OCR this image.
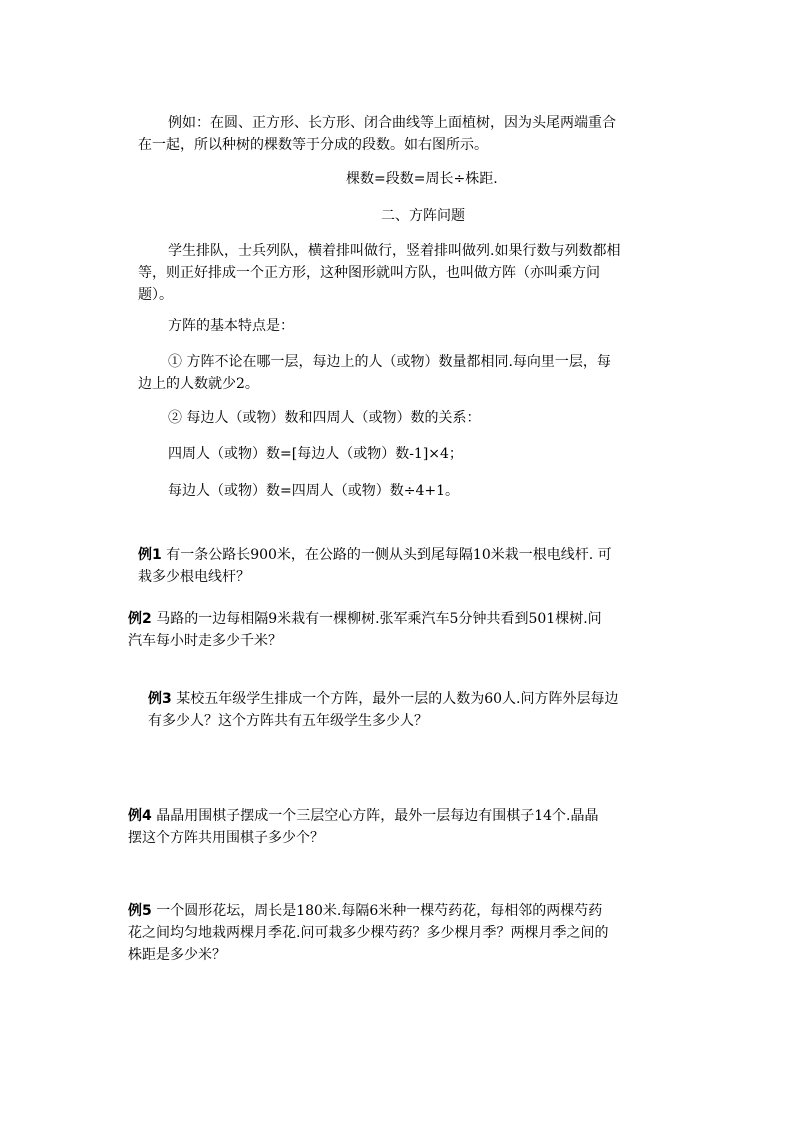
例如：在圆、正方形、长方形、闭合曲线等上面植树，因为头尾两端重合
在一起，所以种树的棵数等于分成的段数。如右图所示。
棵数=段数=周长÷株距.
二、方阵问题
学生排队，士兵列队，横着排叫做行，竖着排叫做列.如果行数与列数都相
等，则正好排成一个正方形，这种图形就叫方队，也叫做方阵（亦叫乘方问
题）。
方阵的基本特点是：
① 方阵不论在哪一层，每边上的人（或物）数量都相同.每向里一层，每
边上的人数就少2。
② 每边人（或物）数和四周人（或物）数的关系：
四周人（或物）数=[每边人（或物）数-1]×4；
每边人（或物）数=四周人（或物）数÷4+1。
例1 有一条公路长900米，在公路的一侧从头到尾每隔10米栽一根电线杆. 可
栽多少根电线杆？
例2 马路的一边每相隔9米栽有一棵柳树.张军乘汽车5分钟共看到501棵树.问
汽车每小时走多少千米？
例3 某校五年级学生排成一个方阵，最外一层的人数为60人.问方阵外层每边
有多少人？这个方阵共有五年级学生多少人？
例4 晶晶用围棋子摆成一个三层空心方阵，最外一层每边有围棋子14个.晶晶
摆这个方阵共用围棋子多少个？
例5 一个圆形花坛，周长是180米.每隔6米种一棵芍药花，每相邻的两棵芍药
花之间均匀地栽两棵月季花.问可栽多少棵芍药？多少棵月季？两棵月季之间的
株距是多少米？
